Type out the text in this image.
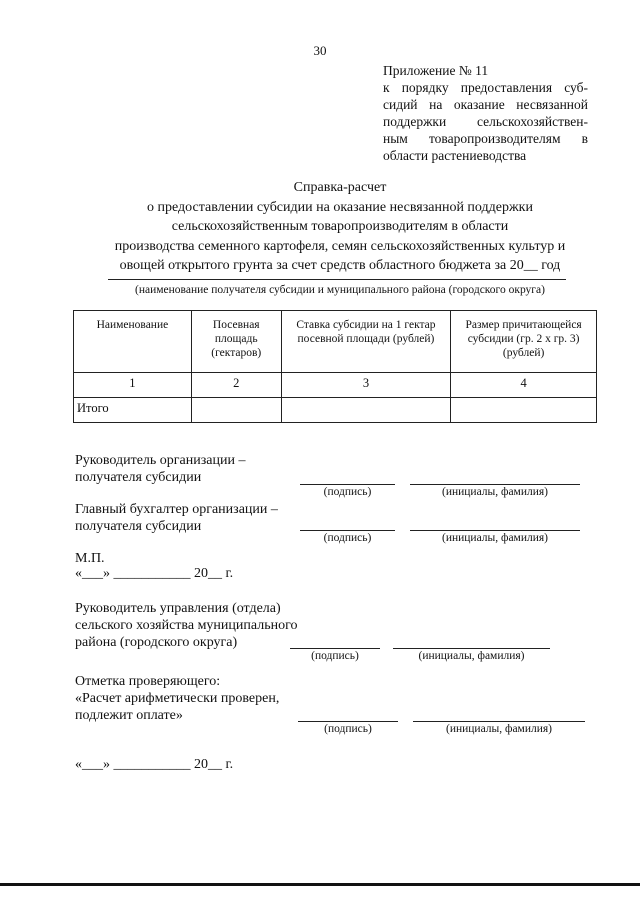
30
Приложение № 11
к порядку предоставления суб-
сидий на оказание несвязанной
поддержки сельскохозяйствен-
ным товаропроизводителям в
области растениеводства
Справка-расчет
о предоставлении субсидии на оказание несвязанной поддержки
сельскохозяйственным товаропроизводителям в области
производства семенного картофеля, семян сельскохозяйственных культур и
овощей открытого грунта за счет средств областного бюджета за 20__ год
(наименование получателя субсидии и муниципального района (городского округа)
Наименование	Посевная площадь (гектаров)	Ставка субсидии на 1 гектар посевной площади (рублей)	Размер причитающейся субсидии (гр. 2 x гр. 3) (рублей)
1	2	3	4
Итого			
Руководитель организации –
получателя субсидии
(подпись)	(инициалы, фамилия)
Главный бухгалтер организации –
получателя субсидии
(подпись)	(инициалы, фамилия)
М.П.
«___» ___________ 20__ г.
Руководитель управления (отдела)
сельского хозяйства муниципального
района (городского округа)
(подпись)	(инициалы, фамилия)
Отметка проверяющего:
«Расчет арифметически проверен,
подлежит оплате»
(подпись)	(инициалы, фамилия)
«___» ___________ 20__ г.
